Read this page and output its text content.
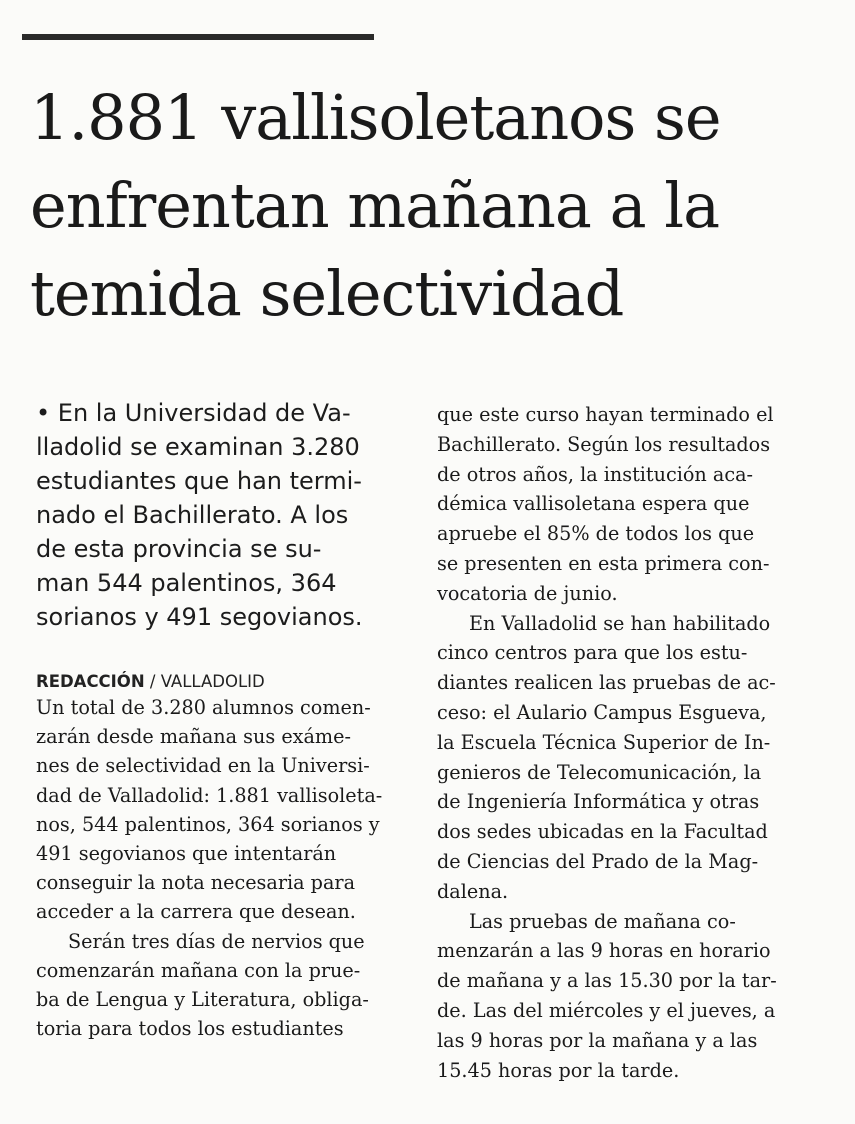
1.881 vallisoletanos se
enfrentan mañana a la
temida selectividad

• En la Universidad de Va-
lladolid se examinan 3.280
estudiantes que han termi-
nado el Bachillerato. A los
de esta provincia se su-
man 544 palentinos, 364
sorianos y 491 segovianos.

REDACCIÓN / VALLADOLID

Un total de 3.280 alumnos comen-
zarán desde mañana sus exáme-
nes de selectividad en la Universi-
dad de Valladolid: 1.881 vallisoleta-
nos, 544 palentinos, 364 sorianos y
491 segovianos que intentarán
conseguir la nota necesaria para
acceder a la carrera que desean.

Serán tres días de nervios que
comenzarán mañana con la prue-
ba de Lengua y Literatura, obliga-
toria para todos los estudiantes

que este curso hayan terminado el
Bachillerato. Según los resultados
de otros años, la institución aca-
démica vallisoletana espera que
apruebe el 85% de todos los que
se presenten en esta primera con-
vocatoria de junio.

En Valladolid se han habilitado
cinco centros para que los estu-
diantes realicen las pruebas de ac-
ceso: el Aulario Campus Esgueva,
la Escuela Técnica Superior de In-
genieros de Telecomunicación, la
de Ingeniería Informática y otras
dos sedes ubicadas en la Facultad
de Ciencias del Prado de la Mag-
dalena.

Las pruebas de mañana co-
menzarán a las 9 horas en horario
de mañana y a las 15.30 por la tar-
de. Las del miércoles y el jueves, a
las 9 horas por la mañana y a las
15.45 horas por la tarde.
